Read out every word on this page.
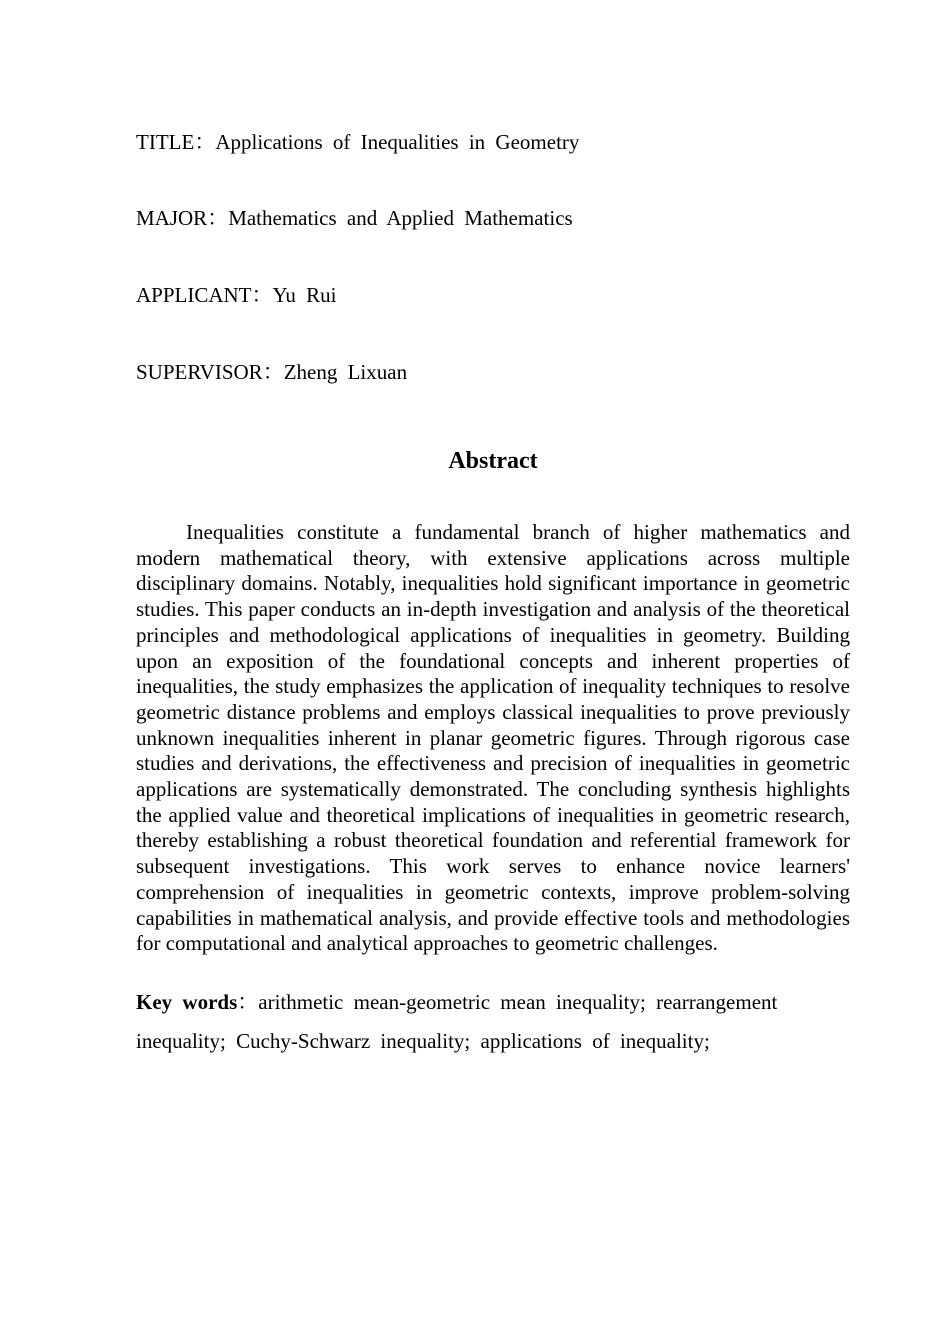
TITLE：Applications of Inequalities in Geometry
MAJOR：Mathematics and Applied Mathematics
APPLICANT：Yu Rui
SUPERVISOR：Zheng Lixuan
Abstract

Inequalities constitute a fundamental branch of higher mathematics and modern mathematical theory, with extensive applications across multiple disciplinary domains. Notably, inequalities hold significant importance in geometric studies. This paper conducts an in-depth investigation and analysis of the theoretical principles and methodological applications of inequalities in geometry. Building upon an exposition of the foundational concepts and inherent properties of inequalities, the study emphasizes the application of inequality techniques to resolve geometric distance problems and employs classical inequalities to prove previously unknown inequalities inherent in planar geometric figures. Through rigorous case studies and derivations, the effectiveness and precision of inequalities in geometric applications are systematically demonstrated. The concluding synthesis highlights the applied value and theoretical implications of inequalities in geometric research, thereby establishing a robust theoretical foundation and referential framework for subsequent investigations. This work serves to enhance novice learners' comprehension of inequalities in geometric contexts, improve problem-solving capabilities in mathematical analysis, and provide effective tools and methodologies for computational and analytical approaches to geometric challenges.

Key words：arithmetic mean-geometric mean inequality; rearrangement inequality; Cuchy-Schwarz inequality; applications of inequality;
